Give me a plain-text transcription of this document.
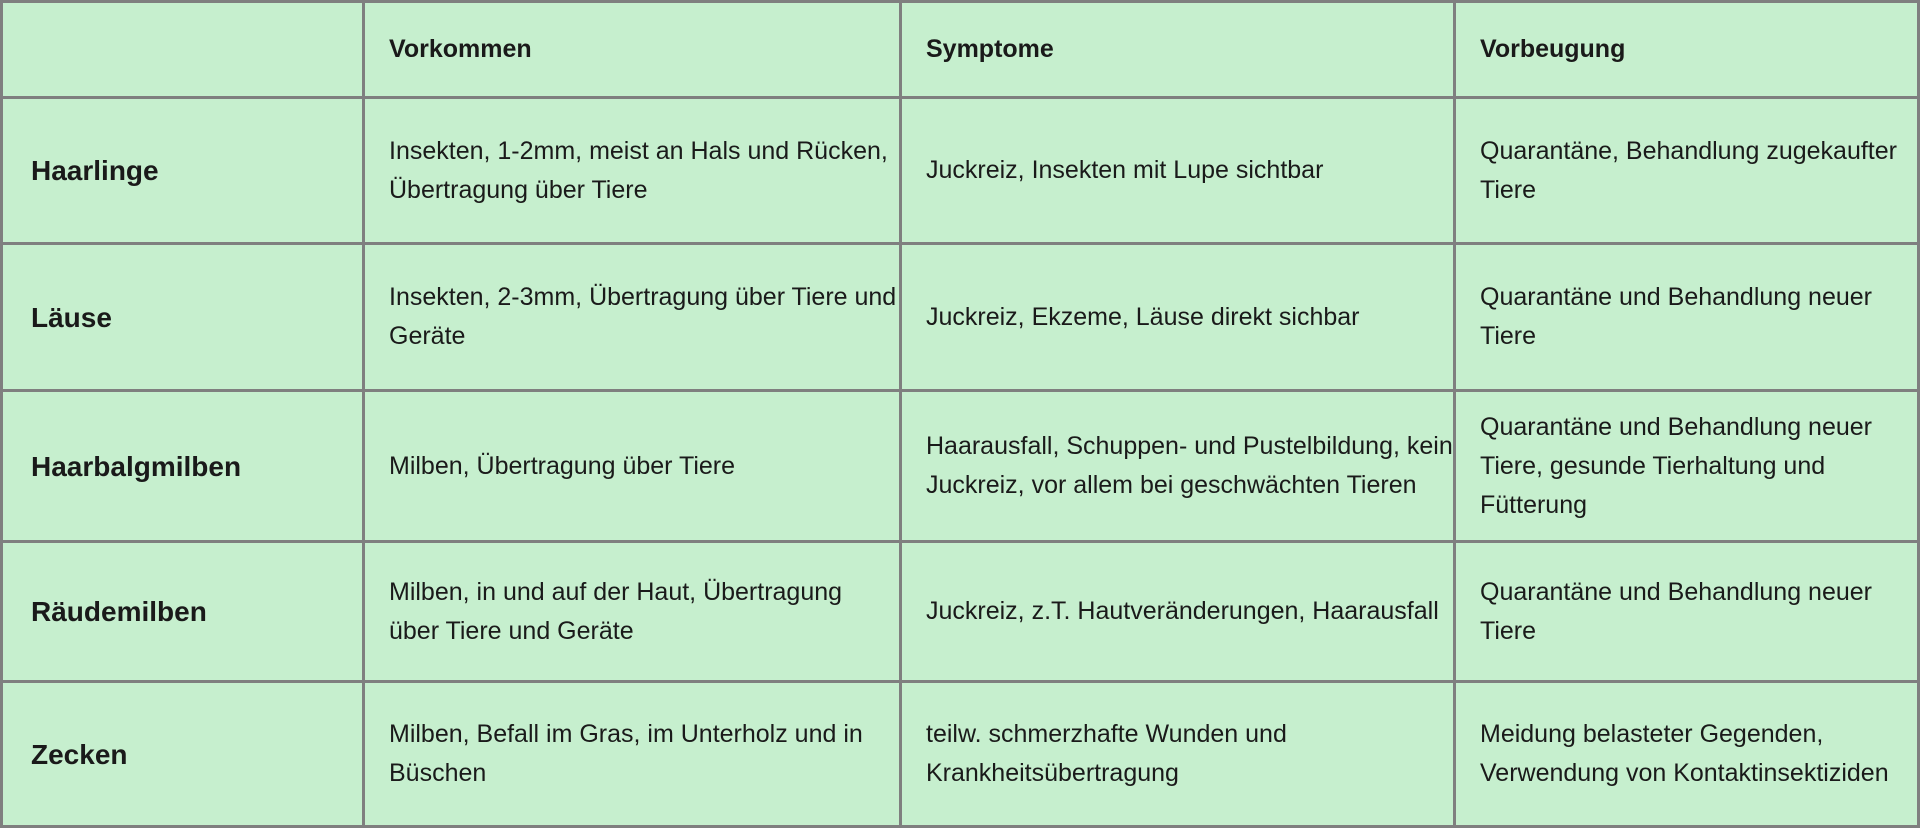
	Vorkommen	Symptome	Vorbeugung
Haarlinge	Insekten, 1-2mm, meist an Hals und Rücken, Übertragung über Tiere	Juckreiz, Insekten mit Lupe sichtbar	Quarantäne, Behandlung zugekaufter Tiere
Läuse	Insekten, 2-3mm, Übertragung über Tiere und Geräte	Juckreiz, Ekzeme, Läuse direkt sichbar	Quarantäne und Behandlung neuer Tiere
Haarbalgmilben	Milben, Übertragung über Tiere	Haarausfall, Schuppen- und Pustelbildung, kein Juckreiz, vor allem bei geschwächten Tieren	Quarantäne und Behandlung neuer Tiere, gesunde Tierhaltung und Fütterung
Räudemilben	Milben, in und auf der Haut, Übertragung über Tiere und Geräte	Juckreiz, z.T. Hautveränderungen, Haarausfall	Quarantäne und Behandlung neuer Tiere
Zecken	Milben, Befall im Gras, im Unterholz und in Büschen	teilw. schmerzhafte Wunden und Krankheitsübertragung	Meidung belasteter Gegenden, Verwendung von Kontaktinsektiziden
